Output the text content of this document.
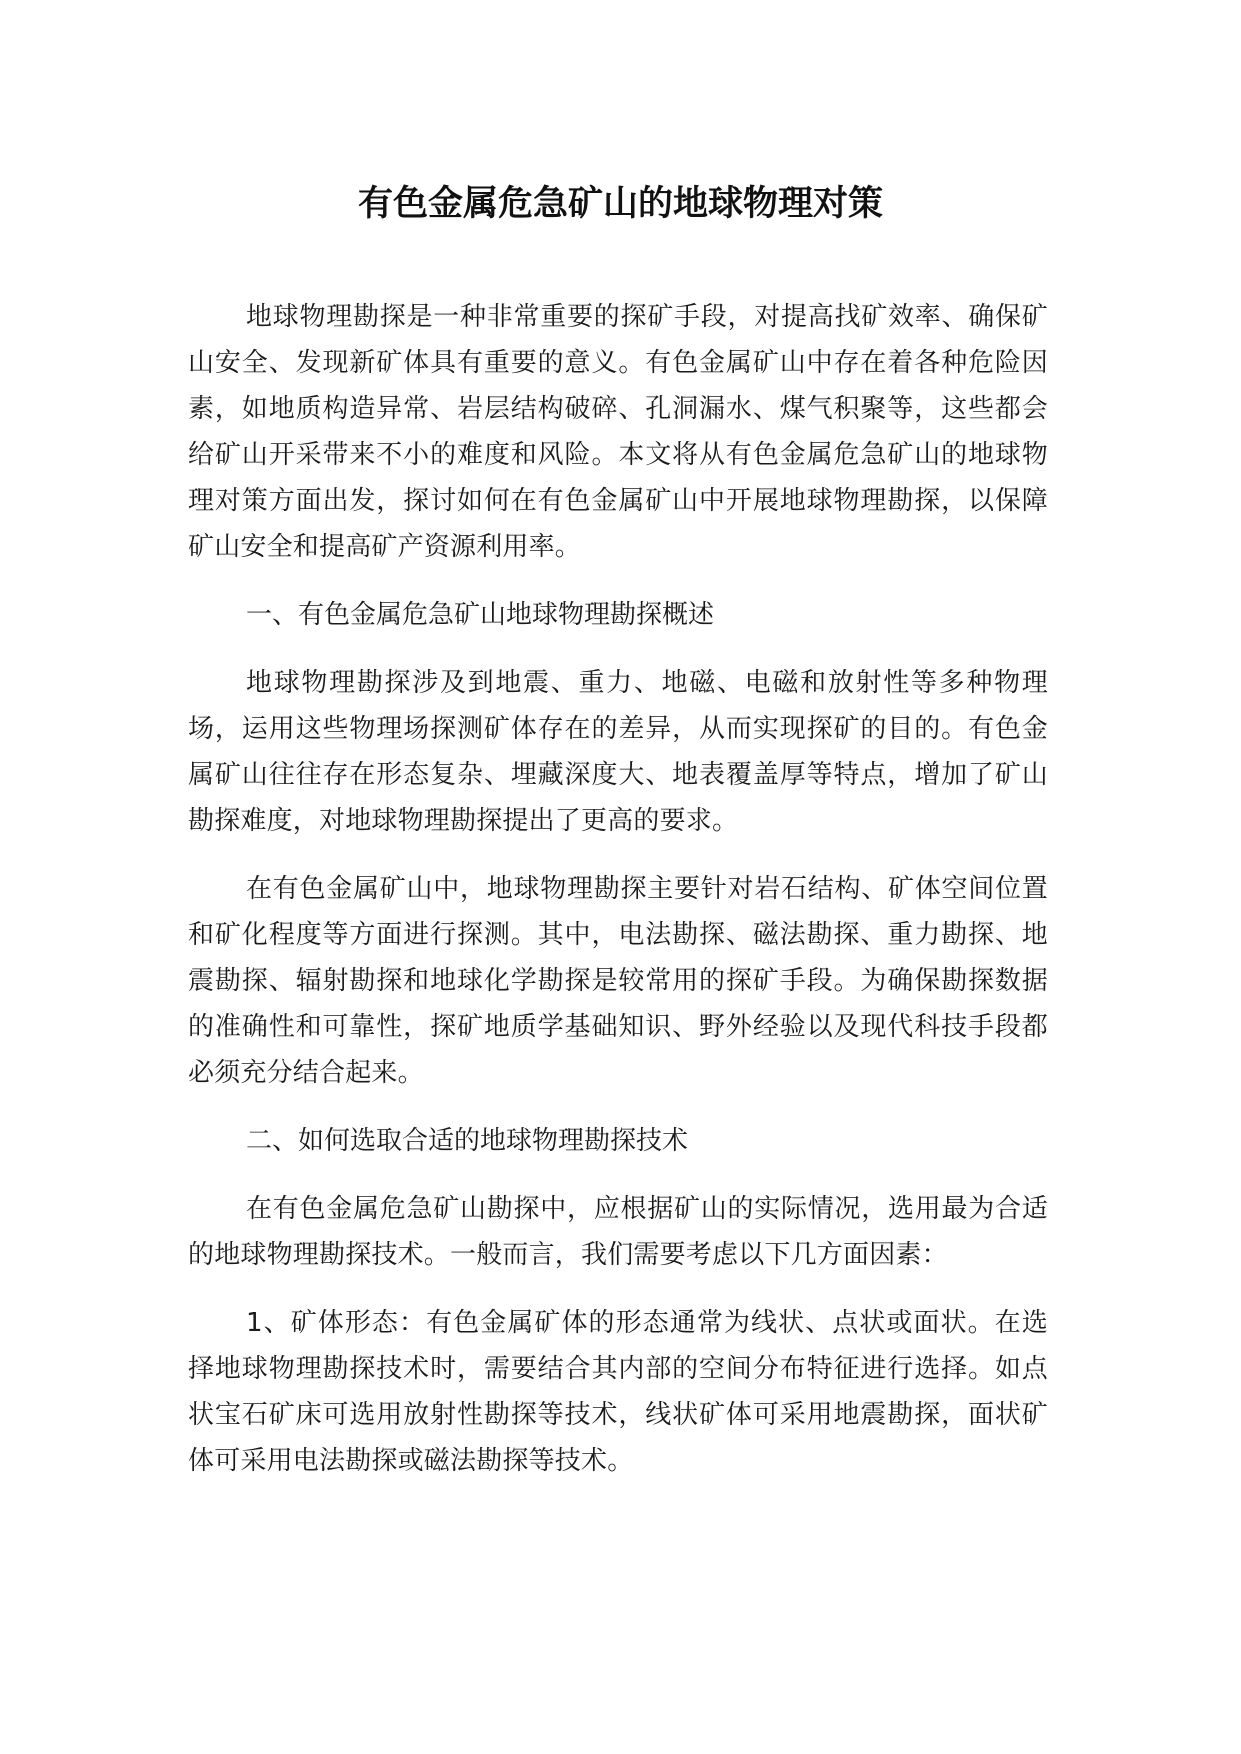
有色金属危急矿山的地球物理对策

地球物理勘探是一种非常重要的探矿手段，对提高找矿效率、确保矿山安全、发现新矿体具有重要的意义。有色金属矿山中存在着各种危险因素，如地质构造异常、岩层结构破碎、孔洞漏水、煤气积聚等，这些都会给矿山开采带来不小的难度和风险。本文将从有色金属危急矿山的地球物理对策方面出发，探讨如何在有色金属矿山中开展地球物理勘探，以保障矿山安全和提高矿产资源利用率。

一、有色金属危急矿山地球物理勘探概述

地球物理勘探涉及到地震、重力、地磁、电磁和放射性等多种物理场，运用这些物理场探测矿体存在的差异，从而实现探矿的目的。有色金属矿山往往存在形态复杂、埋藏深度大、地表覆盖厚等特点，增加了矿山勘探难度，对地球物理勘探提出了更高的要求。

在有色金属矿山中，地球物理勘探主要针对岩石结构、矿体空间位置和矿化程度等方面进行探测。其中，电法勘探、磁法勘探、重力勘探、地震勘探、辐射勘探和地球化学勘探是较常用的探矿手段。为确保勘探数据的准确性和可靠性，探矿地质学基础知识、野外经验以及现代科技手段都必须充分结合起来。

二、如何选取合适的地球物理勘探技术

在有色金属危急矿山勘探中，应根据矿山的实际情况，选用最为合适的地球物理勘探技术。一般而言，我们需要考虑以下几方面因素：

1、矿体形态：有色金属矿体的形态通常为线状、点状或面状。在选择地球物理勘探技术时，需要结合其内部的空间分布特征进行选择。如点状宝石矿床可选用放射性勘探等技术，线状矿体可采用地震勘探，面状矿体可采用电法勘探或磁法勘探等技术。
